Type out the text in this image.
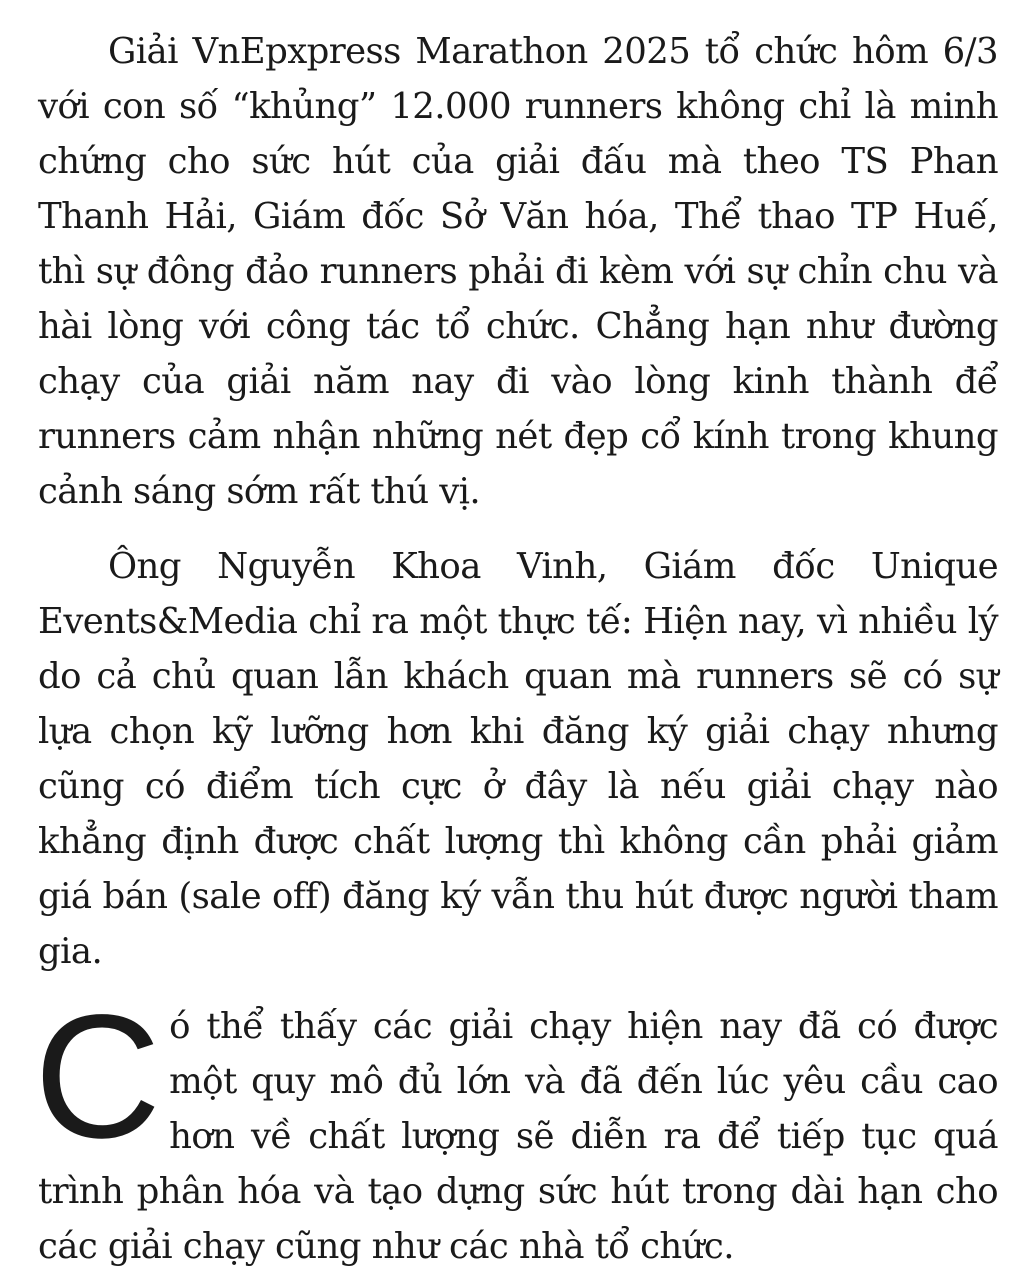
Giải VnEpxpress Marathon 2025 tổ chức hôm 6/3 với con số “khủng” 12.000 runners không chỉ là minh chứng cho sức hút của giải đấu mà theo TS Phan Thanh Hải, Giám đốc Sở Văn hóa, Thể thao TP Huế, thì sự đông đảo runners phải đi kèm với sự chỉn chu và hài lòng với công tác tổ chức. Chẳng hạn như đường chạy của giải năm nay đi vào lòng kinh thành để runners cảm nhận những nét đẹp cổ kính trong khung cảnh sáng sớm rất thú vị.

Ông Nguyễn Khoa Vinh, Giám đốc Unique Events&Media chỉ ra một thực tế: Hiện nay, vì nhiều lý do cả chủ quan lẫn khách quan mà runners sẽ có sự lựa chọn kỹ lưỡng hơn khi đăng ký giải chạy nhưng cũng có điểm tích cực ở đây là nếu giải chạy nào khẳng định được chất lượng thì không cần phải giảm giá bán (sale off) đăng ký vẫn thu hút được người tham gia.

Có thể thấy các giải chạy hiện nay đã có được một quy mô đủ lớn và đã đến lúc yêu cầu cao hơn về chất lượng sẽ diễn ra để tiếp tục quá trình phân hóa và tạo dựng sức hút trong dài hạn cho các giải chạy cũng như các nhà tổ chức.
